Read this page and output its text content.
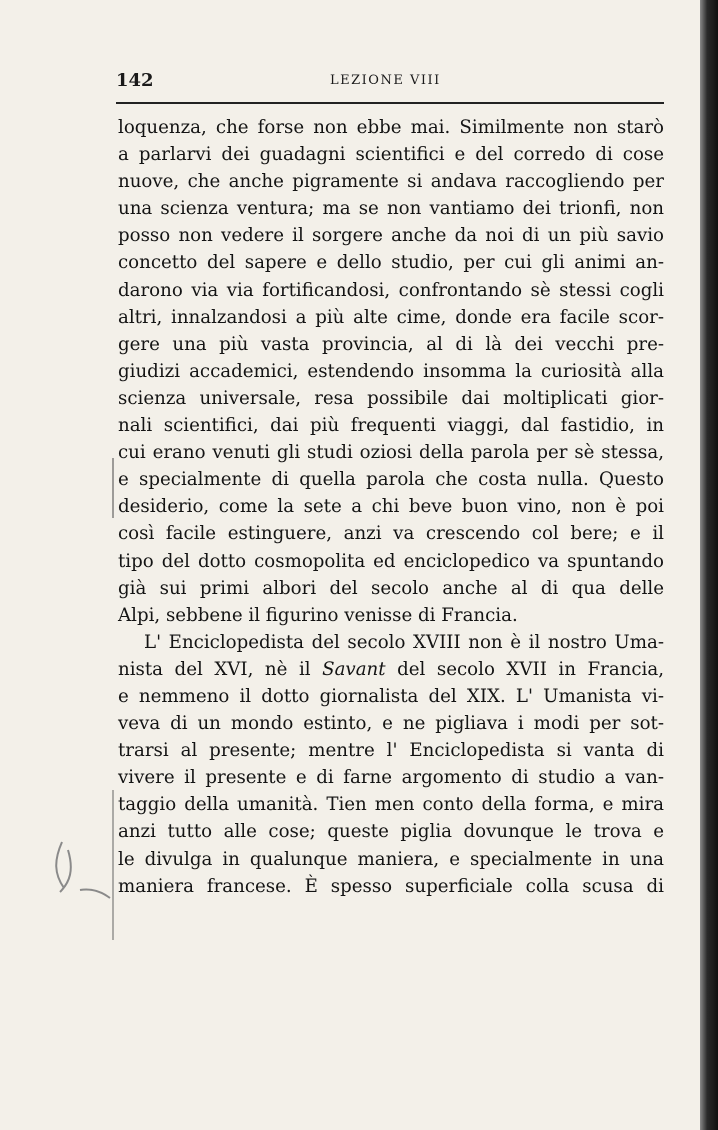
142	LEZIONE VIII
loquenza, che forse non ebbe mai. Similmente non starò
a parlarvi dei guadagni scientifici e del corredo di cose
nuove, che anche pigramente si andava raccogliendo per
una scienza ventura; ma se non vantiamo dei trionfi, non
posso non vedere il sorgere anche da noi di un più savio
concetto del sapere e dello studio, per cui gli animi an-
darono via via fortificandosi, confrontando sè stessi cogli
altri, innalzandosi a più alte cime, donde era facile scor-
gere una più vasta provincia, al di là dei vecchi pre-
giudizi accademici, estendendo insomma la curiosità alla
scienza universale, resa possibile dai moltiplicati gior-
nali scientifici, dai più frequenti viaggi, dal fastidio, in
cui erano venuti gli studi oziosi della parola per sè stessa,
e specialmente di quella parola che costa nulla. Questo
desiderio, come la sete a chi beve buon vino, non è poi
così facile estinguere, anzi va crescendo col bere; e il
tipo del dotto cosmopolita ed enciclopedico va spuntando
già sui primi albori del secolo anche al di qua delle
Alpi, sebbene il figurino venisse di Francia.
L' Enciclopedista del secolo XVIII non è il nostro Uma-
nista del XVI, nè il Savant del secolo XVII in Francia,
e nemmeno il dotto giornalista del XIX. L' Umanista vi-
veva di un mondo estinto, e ne pigliava i modi per sot-
trarsi al presente; mentre l' Enciclopedista si vanta di
vivere il presente e di farne argomento di studio a van-
taggio della umanità. Tien men conto della forma, e mira
anzi tutto alle cose; queste piglia dovunque le trova e
le divulga in qualunque maniera, e specialmente in una
maniera francese. È spesso superficiale colla scusa di
